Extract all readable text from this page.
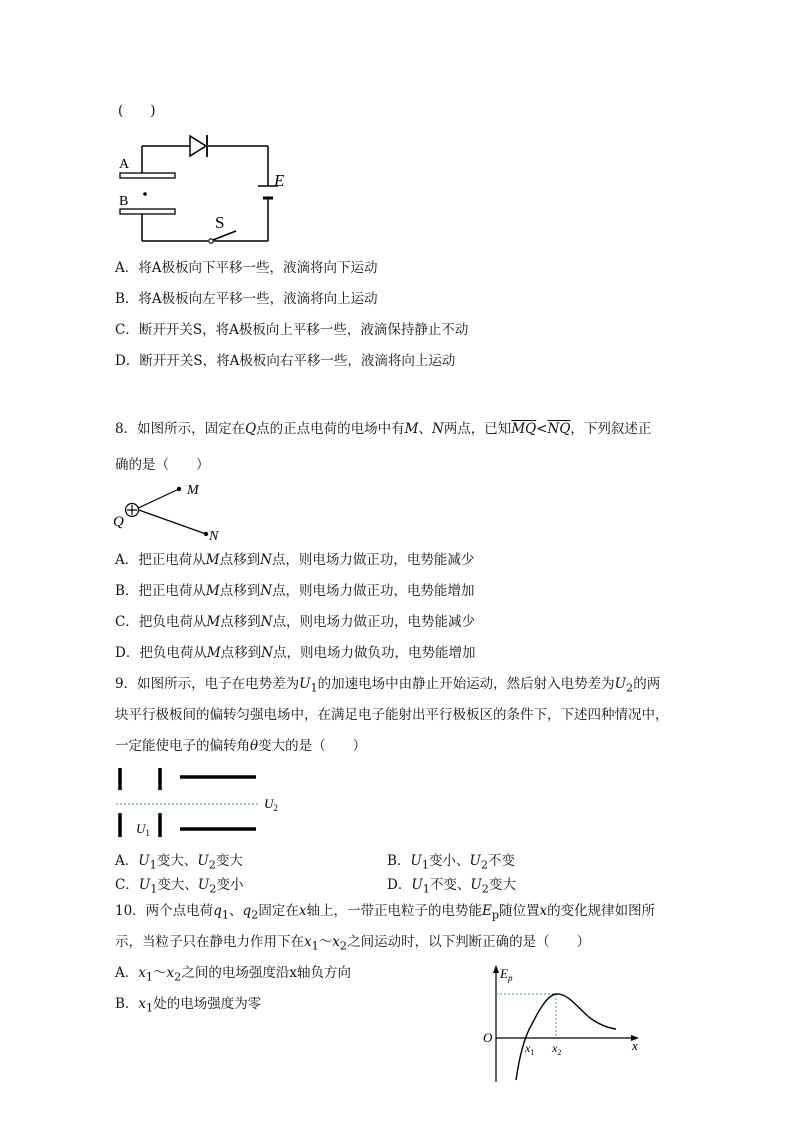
(　　)
A
B
E
S
A．将A极板向下平移一些，液滴将向下运动
B．将A极板向左平移一些，液滴将向上运动
C．断开开关S，将A极板向上平移一些，液滴保持静止不动
D．断开开关S，将A极板向右平移一些，液滴将向上运动
8．如图所示，固定在Q点的正点电荷的电场中有M、N两点，已知$\overline{MQ}<\overline{NQ}$，下列叙述正
确的是（　　）
Q
M
N
A．把正电荷从M点移到N点，则电场力做正功，电势能减少
B．把正电荷从M点移到N点，则电场力做正功，电势能增加
C．把负电荷从M点移到N点，则电场力做正功，电势能减少
D．把负电荷从M点移到N点，则电场力做负功，电势能增加
9．如图所示，电子在电势差为$U_1$的加速电场中由静止开始运动，然后射入电势差为$U_2$的两
块平行极板间的偏转匀强电场中，在满足电子能射出平行极板区的条件下，下述四种情况中，
一定能使电子的偏转角θ变大的是（　　）
$U_1$
$U_2$
A．$U_1$变大、$U_2$变大	B．$U_1$变小、$U_2$不变
C．$U_1$变大、$U_2$变小	D．$U_1$不变、$U_2$变大
10．两个点电荷$q_1$、$q_2$固定在x轴上，一带正电粒子的电势能$E_p$随位置x的变化规律如图所
示，当粒子只在静电力作用下在$x_1\sim x_2$之间运动时，以下判断正确的是（　　）
A．$x_1\sim x_2$之间的电场强度沿x轴负方向
B．$x_1$处的电场强度为零
$E_p$
O
$x_1$ $x_2$	x
